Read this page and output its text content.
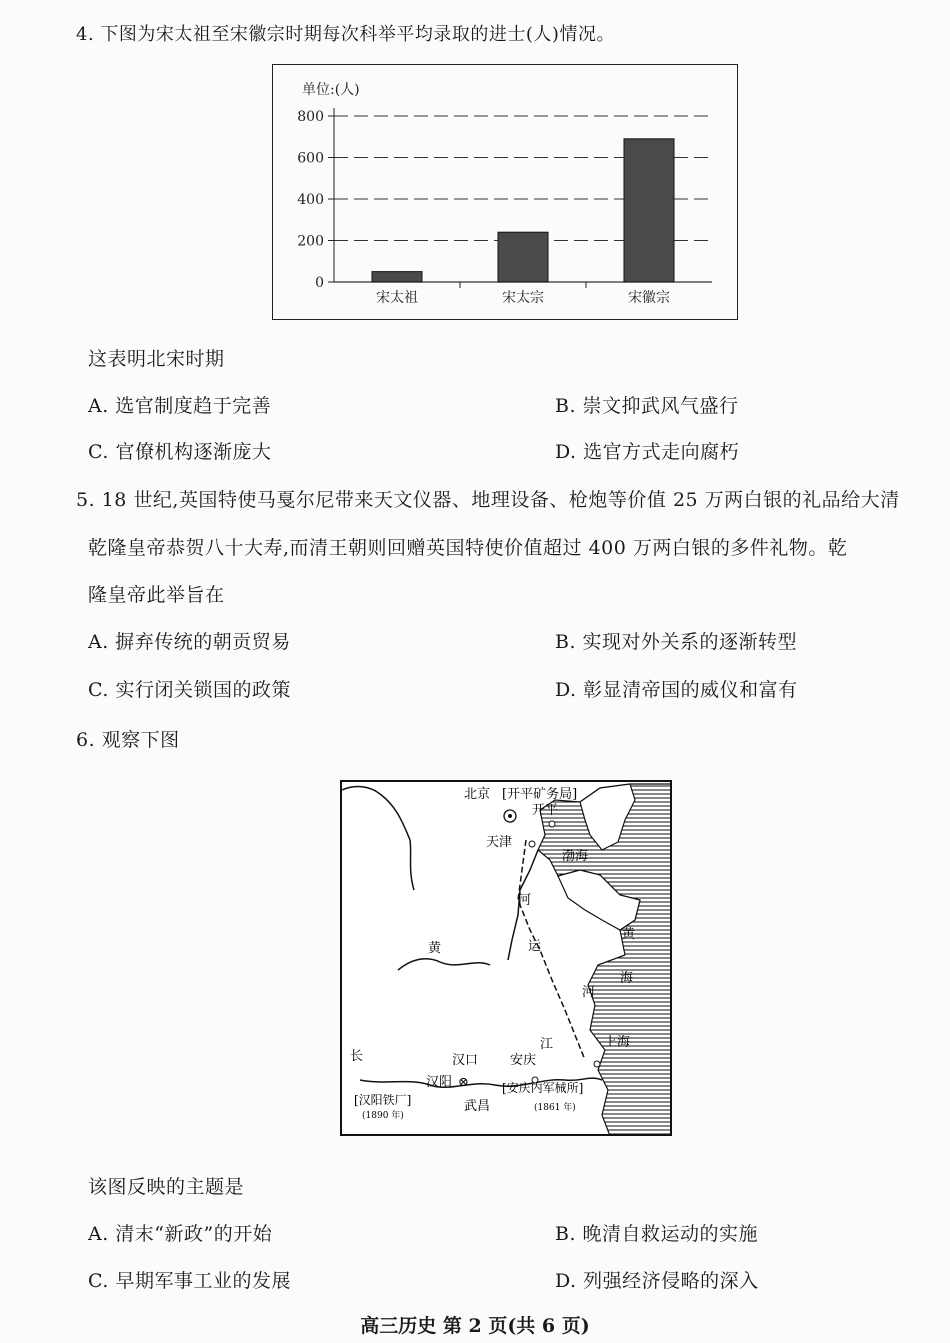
4. 下图为宋太祖至宋徽宗时期每次科举平均录取的进士(人)情况。
单位:(人)
0
200
400
600
800
宋太祖	宋太宗	宋徽宗
这表明北宋时期
A. 选官制度趋于完善	B. 崇文抑武风气盛行
C. 官僚机构逐渐庞大	D. 选官方式走向腐朽
5. 18 世纪,英国特使马戛尔尼带来天文仪器、地理设备、枪炮等价值 25 万两白银的礼品给大清
乾隆皇帝恭贺八十大寿,而清王朝则回赠英国特使价值超过 400 万两白银的多件礼物。乾
隆皇帝此举旨在
A. 摒弃传统的朝贡贸易	B. 实现对外关系的逐渐转型
C. 实行闭关锁国的政策	D. 彰显清帝国的威仪和富有
6. 观察下图
北京 [开平矿务局]
开平
天津
渤海
河
运
黄
黄
海
河
江	上海
长	汉口 安庆
汉阳
[汉阳铁厂]
(1890 年)
武昌
[安庆内军械所]
(1861 年)
⊗
该图反映的主题是
A. 清末“新政”的开始	B. 晚清自救运动的实施
C. 早期军事工业的发展	D. 列强经济侵略的深入
高三历史 第 2 页(共 6 页)
